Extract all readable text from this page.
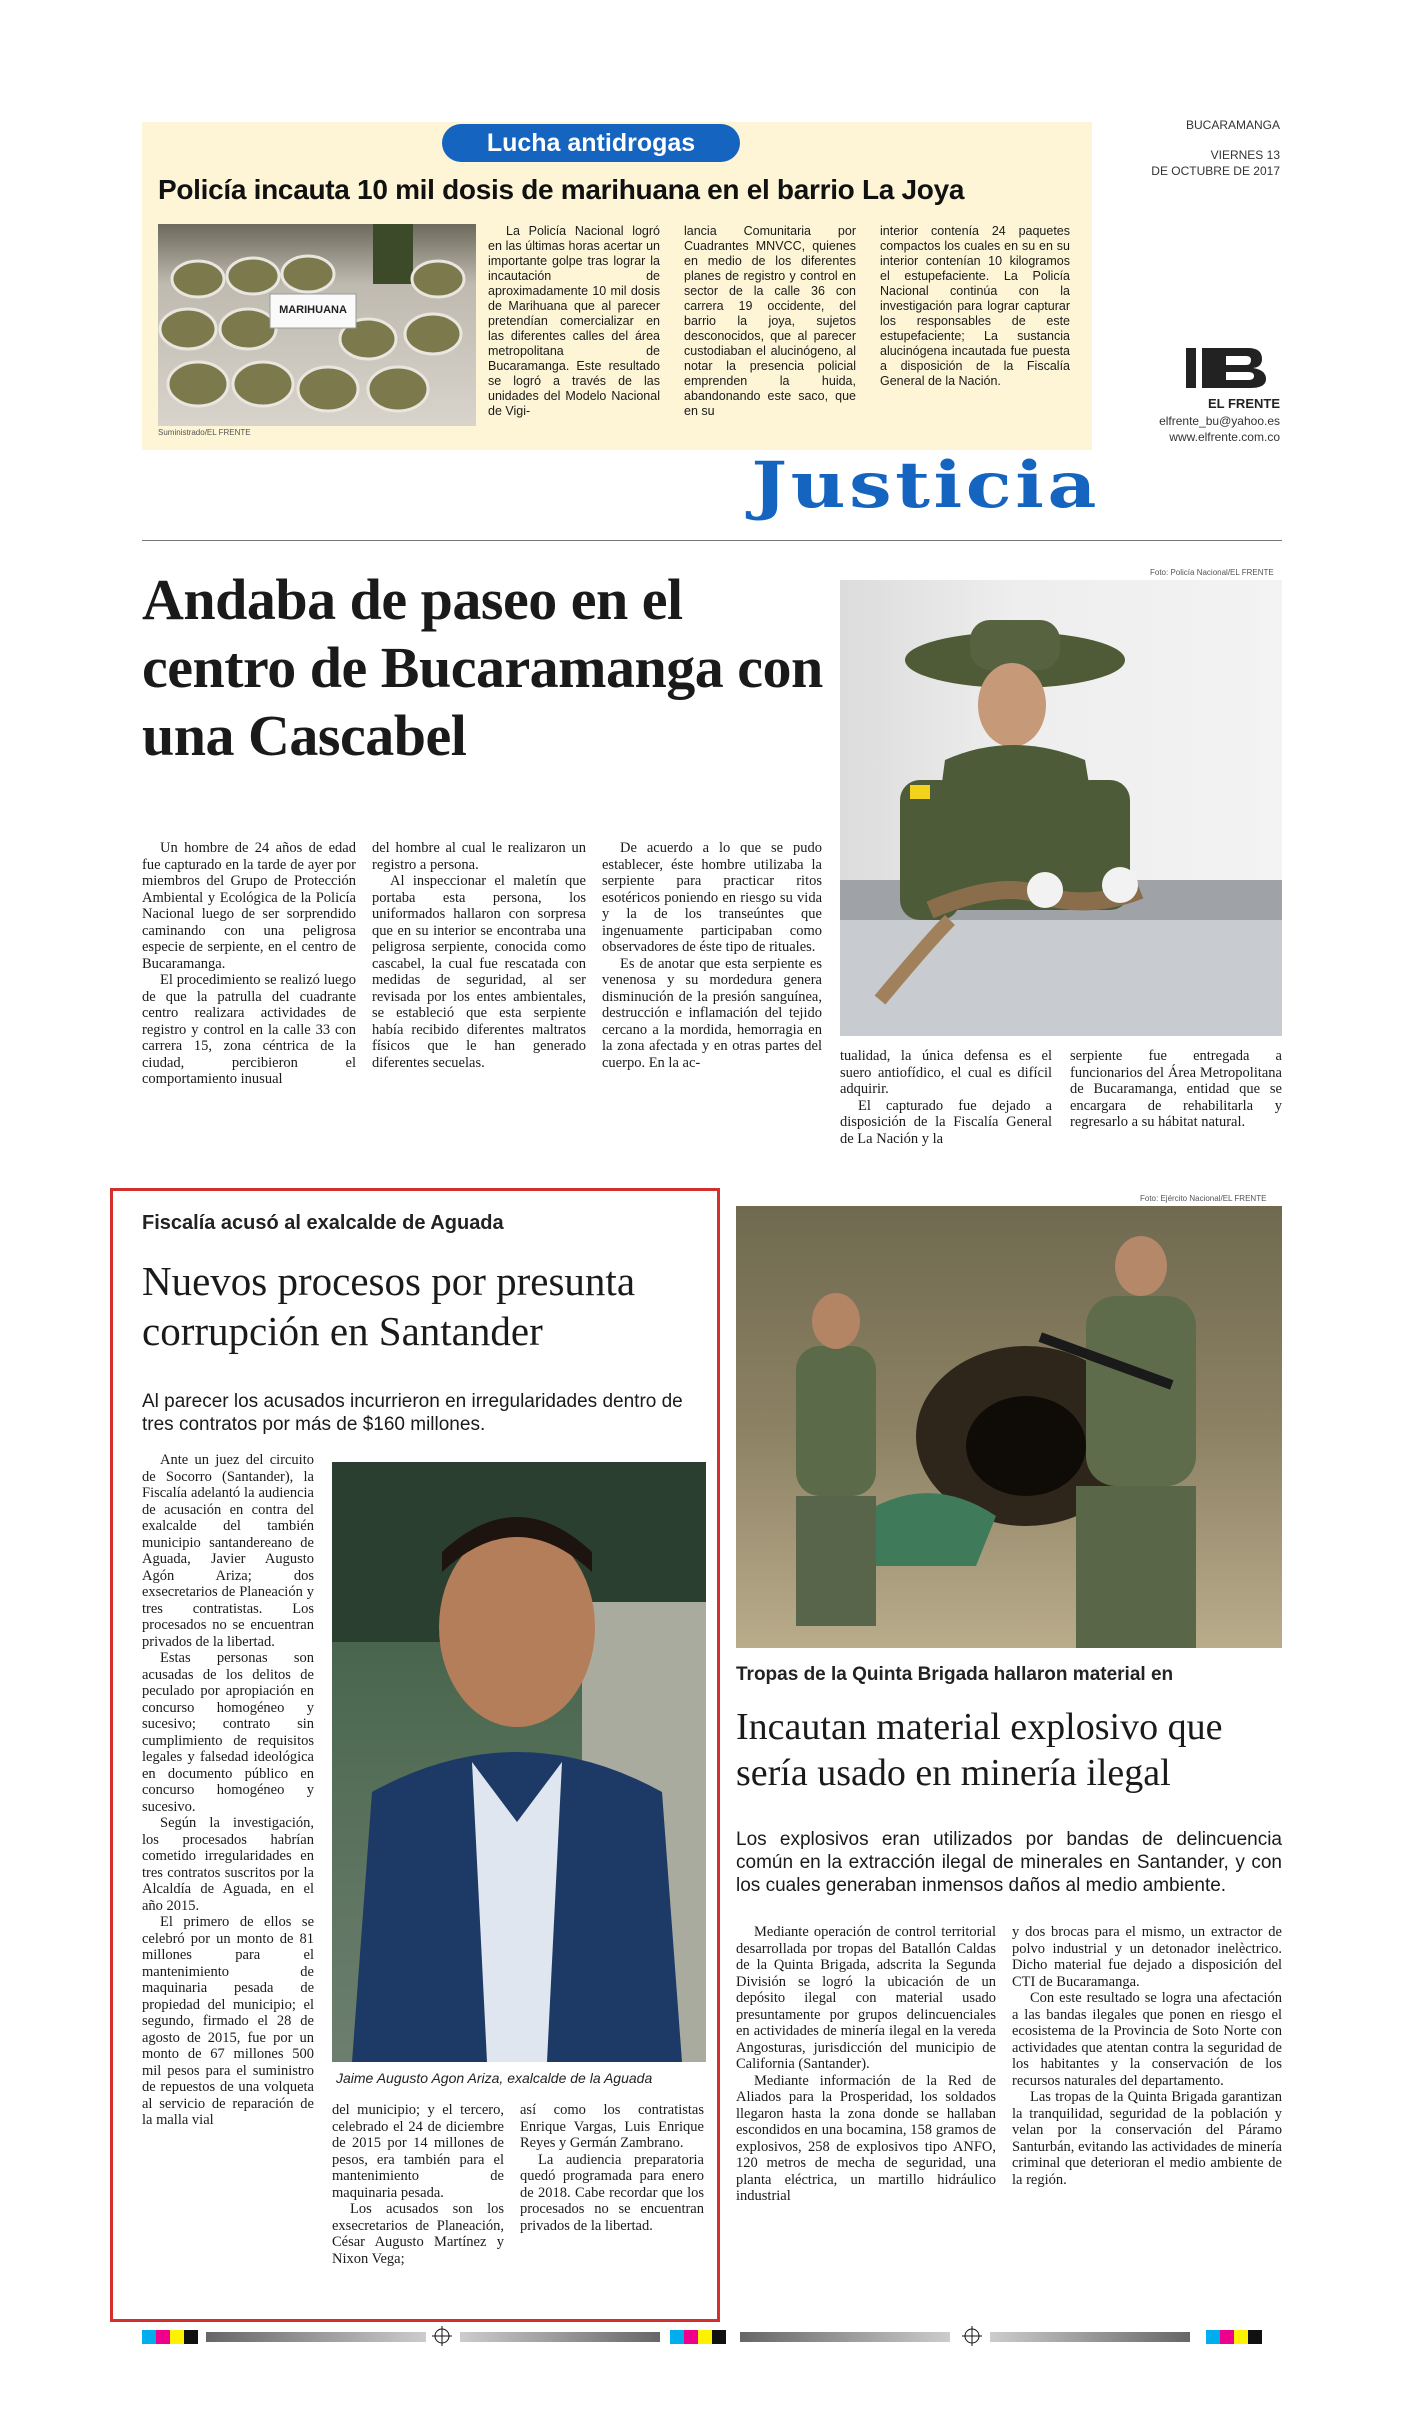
Lucha antidrogas
Policía incauta 10 mil dosis de marihuana en el barrio La Joya
MARIHUANA
Suministrado/EL FRENTE

La Policía Nacional logró en las últimas horas acertar un importante golpe tras lograr la incautación de aproximadamente 10 mil dosis de Marihuana que al parecer pretendían comercializar en las diferentes calles del área metropolitana de Bucaramanga. Este resultado se logró a través de las unidades del Modelo Nacional de Vigi-

lancia Comunitaria por Cuadrantes MNVCC, quienes en medio de los diferentes planes de registro y control en sector de la calle 36 con carrera 19 occidente, del barrio la joya, sujetos desconocidos, que al parecer custodiaban el alucinógeno, al notar la presencia policial emprenden la huida, abandonando este saco, que en su

interior contenía 24 paquetes compactos los cuales en su en su interior contenían 10 kilogramos el estupefaciente. La Policía Nacional continúa con la investigación para lograr capturar los responsables de este estupefaciente; La sustancia alucinógena incautada fue puesta a disposición de la Fiscalía General de la Nación.

BUCARAMANGA
VIERNES 13
DE OCTUBRE DE 2017
EL FRENTE
elfrente_bu@yahoo.es
www.elfrente.com.co
Justicia
Andaba de paseo en el centro de Bucaramanga con una Cascabel
Foto: Policía Nacional/EL FRENTE

Un hombre de 24 años de edad fue capturado en la tarde de ayer por miembros del Grupo de Protección Ambiental y Ecológica de la Policía Nacional luego de ser sorprendido caminando con una peligrosa especie de serpiente, en el centro de Bucaramanga.

El procedimiento se realizó luego de que la patrulla del cuadrante centro realizara actividades de registro y control en la calle 33 con carrera 15, zona céntrica de la ciudad, percibieron el comportamiento inusual

del hombre al cual le realizaron un registro a persona.

Al inspeccionar el maletín que portaba esta persona, los uniformados hallaron con sorpresa que en su interior se encontraba una peligrosa serpiente, conocida como cascabel, la cual fue rescatada con medidas de seguridad, al ser revisada por los entes ambientales, se estableció que esta serpiente había recibido diferentes maltratos físicos que le han generado diferentes secuelas.

De acuerdo a lo que se pudo establecer, éste hombre utilizaba la serpiente para practicar ritos esotéricos poniendo en riesgo su vida y la de los transeúntes que ingenuamente participaban como observadores de éste tipo de rituales.

Es de anotar que esta serpiente es venenosa y su mordedura genera disminución de la presión sanguínea, destrucción e inflamación del tejido cercano a la mordida, hemorragia en la zona afectada y en otras partes del cuerpo. En la ac-	tualidad, la única defensa es el suero antiofídico, el cual es difícil adquirir.

El capturado fue dejado a disposición de la Fiscalía General de La Nación y la

serpiente fue entregada a funcionarios del Área Metropolitana de Bucaramanga, entidad que se encargara de rehabilitarla y regresarlo a su hábitat natural.

Fiscalía acusó al exalcalde de Aguada
Nuevos procesos por presunta corrupción en Santander
Al parecer los acusados incurrieron en irregularidades dentro de tres contratos por más de $160 millones.
Jaime Augusto Agon Ariza, exalcalde de la Aguada

Ante un juez del circuito de Socorro (Santander), la Fiscalía adelantó la audiencia de acusación en contra del exalcalde del también municipio santandereano de Aguada, Javier Augusto Agón Ariza; dos exsecretarios de Planeación y tres contratistas. Los procesados no se encuentran privados de la libertad.

Estas personas son acusadas de los delitos de peculado por apropiación en concurso homogéneo y sucesivo; contrato sin cumplimiento de requisitos legales y falsedad ideológica en documento público en concurso homogéneo y sucesivo.

Según la investigación, los procesados habrían cometido irregularidades en tres contratos suscritos por la Alcaldía de Aguada, en el año 2015.

El primero de ellos se celebró por un monto de 81 millones para el mantenimiento de maquinaria pesada de propiedad del municipio; el segundo, firmado el 28 de agosto de 2015, fue por un monto de 67 millones 500 mil pesos para el suministro de repuestos de una volqueta al servicio de reparación de la malla vial

del municipio; y el tercero, celebrado el 24 de diciembre de 2015 por 14 millones de pesos, era también para el mantenimiento de maquinaria pesada.

Los acusados son los exsecretarios de Planeación, César Augusto Martínez y Nixon Vega;

así como los contratistas Enrique Vargas, Luis Enrique Reyes y Germán Zambrano.

La audiencia preparatoria quedó programada para enero de 2018. Cabe recordar que los procesados no se encuentran privados de la libertad.

Foto: Ejército Nacional/EL FRENTE
Tropas de la Quinta Brigada hallaron material en
Incautan material explosivo que sería usado en minería ilegal
Los explosivos eran utilizados por bandas de delincuencia común en la extracción ilegal de minerales en Santander, y con los cuales generaban inmensos daños al medio ambiente.

Mediante operación de control territorial desarrollada por tropas del Batallón Caldas de la Quinta Brigada, adscrita la Segunda División se logró la ubicación de un depósito ilegal con material usado presuntamente por grupos delincuenciales en actividades de minería ilegal en la vereda Angosturas, jurisdicción del municipio de California (Santander).

Mediante información de la Red de Aliados para la Prosperidad, los soldados llegaron hasta la zona donde se hallaban escondidos en una bocamina, 158 gramos de explosivos, 258 de explosivos tipo ANFO, 120 metros de mecha de seguridad, una planta eléctrica, un martillo hidráulico industrial

y dos brocas para el mismo, un extractor de polvo industrial y un detonador inelèctrico. Dicho material fue dejado a disposición del CTI de Bucaramanga.

Con este resultado se logra una afectación a las bandas ilegales que ponen en riesgo el ecosistema de la Provincia de Soto Norte con actividades que atentan contra la seguridad de los habitantes y la conservación de los recursos naturales del departamento.

Las tropas de la Quinta Brigada garantizan la tranquilidad, seguridad de la población y velan por la conservación del Páramo Santurbán, evitando las actividades de minería criminal que deterioran el medio ambiente de la región.
